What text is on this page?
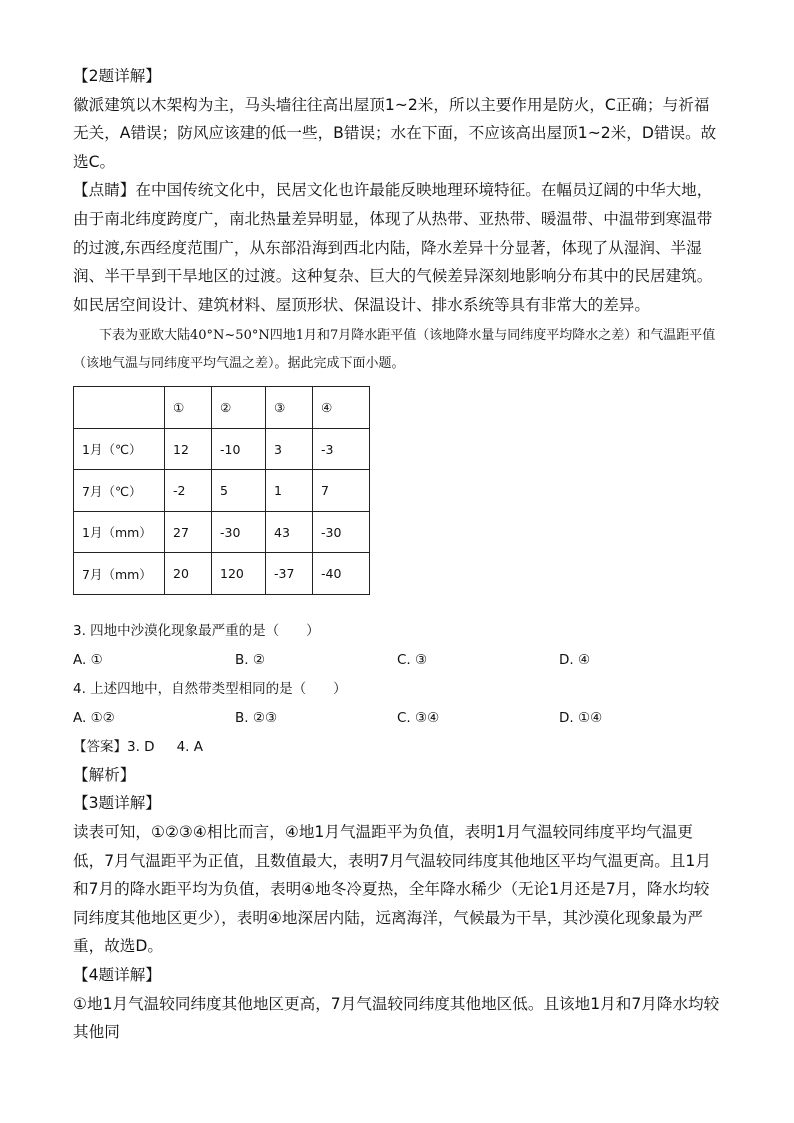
【2题详解】

徽派建筑以木架构为主，马头墙往往高出屋顶1~2米，所以主要作用是防火，C正确；与祈福无关，A错误；防风应该建的低一些，B错误；水在下面，不应该高出屋顶1~2米，D错误。故选C。

【点睛】在中国传统文化中，民居文化也许最能反映地理环境特征。在幅员辽阔的中华大地，由于南北纬度跨度广，南北热量差异明显，体现了从热带、亚热带、暖温带、中温带到寒温带的过渡,东西经度范围广，从东部沿海到西北内陆，降水差异十分显著，体现了从湿润、半湿润、半干旱到干旱地区的过渡。这种复杂、巨大的气候差异深刻地影响分布其中的民居建筑。如民居空间设计、建筑材料、屋顶形状、保温设计、排水系统等具有非常大的差异。

下表为亚欧大陆40°N~50°N四地1月和7月降水距平值（该地降水量与同纬度平均降水之差）和气温距平值（该地气温与同纬度平均气温之差）。据此完成下面小题。

	①	②	③	④
1月（℃）	12	-10	3	-3
7月（℃）	-2	5	1	7
1月（mm）	27	-30	43	-30
7月（mm）	20	120	-37	-40

3. 四地中沙漠化现象最严重的是（　　）

A. ①	B. ②	C. ③	D. ④

4. 上述四地中，自然带类型相同的是（　　）

A. ①②	B. ②③	C. ③④	D. ①④

【答案】3. D 4. A

【解析】

【3题详解】

读表可知，①②③④相比而言，④地1月气温距平为负值，表明1月气温较同纬度平均气温更低，7月气温距平为正值，且数值最大，表明7月气温较同纬度其他地区平均气温更高。且1月和7月的降水距平均为负值，表明④地冬冷夏热，全年降水稀少（无论1月还是7月，降水均较同纬度其他地区更少），表明④地深居内陆，远离海洋，气候最为干旱，其沙漠化现象最为严重，故选D。

【4题详解】

①地1月气温较同纬度其他地区更高，7月气温较同纬度其他地区低。且该地1月和7月降水均较其他同
